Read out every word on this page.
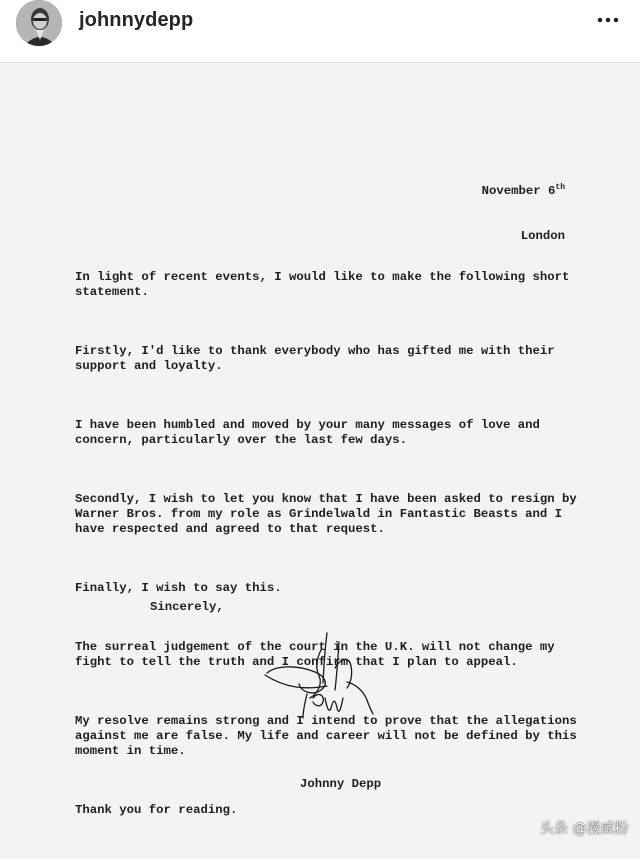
johnnydepp

November 6th

London

In light of recent events, I would like to make the following short
statement.

Firstly, I'd like to thank everybody who has gifted me with their
support and loyalty.

I have been humbled and moved by your many messages of love and
concern, particularly over the last few days.

Secondly, I wish to let you know that I have been asked to resign by
Warner Bros. from my role as Grindelwald in Fantastic Beasts and I
have respected and agreed to that request.

Finally, I wish to say this.

The surreal judgement of the court in the U.K. will not change my
fight to tell the truth and I confirm that I plan to appeal.

My resolve remains strong and I intend to prove that the allegations
against me are false. My life and career will not be defined by this
moment in time.

Thank you for reading.

Sincerely,
Johnny Depp
头条 @漫威粉
